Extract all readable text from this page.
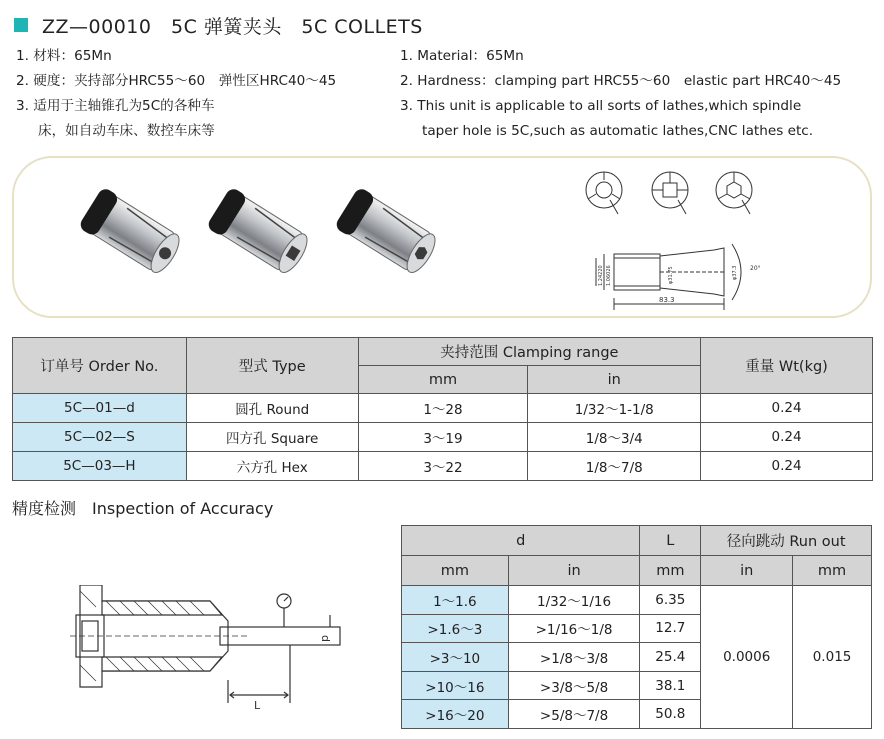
ZZ—00010　5C 弹簧夹头　5C COLLETS
1. 材料：65Mn
2. 硬度：夹持部分HRC55～60　弹性区HRC40～45
3. 适用于主轴锥孔为5C的各种车
床，如自动车床、数控车床等
1. Material：65Mn
2. Hardness：clamping part HRC55～60　elastic part HRC40～45
3. This unit is applicable to all sorts of lathes,which spindle
taper hole is 5C,such as automatic lathes,CNC lathes etc.
83.3
20°
1.24220 1.06026	φ31.75	φ37.3
订单号 Order No.	型式 Type	夹持范围 Clamping range		重量 Wt(kg)
		mm	in	
5C—01—d	圆孔 Round	1～28	1/32～1-1/8	0.24
5C—02—S	四方孔 Square	3～19	1/8～3/4	0.24
5C—03—H	六方孔 Hex	3～22	1/8～7/8	0.24
精度检测　Inspection of Accuracy
L
d
d		L	径向跳动 Run out	
mm	in	mm	in	mm
1～1.6	1/32～1/16	6.35	0.0006	0.015
>1.6～3	>1/16～1/8	12.7		
>3～10	>1/8～3/8	25.4		
>10～16	>3/8～5/8	38.1		
>16～20	>5/8～7/8	50.8		
